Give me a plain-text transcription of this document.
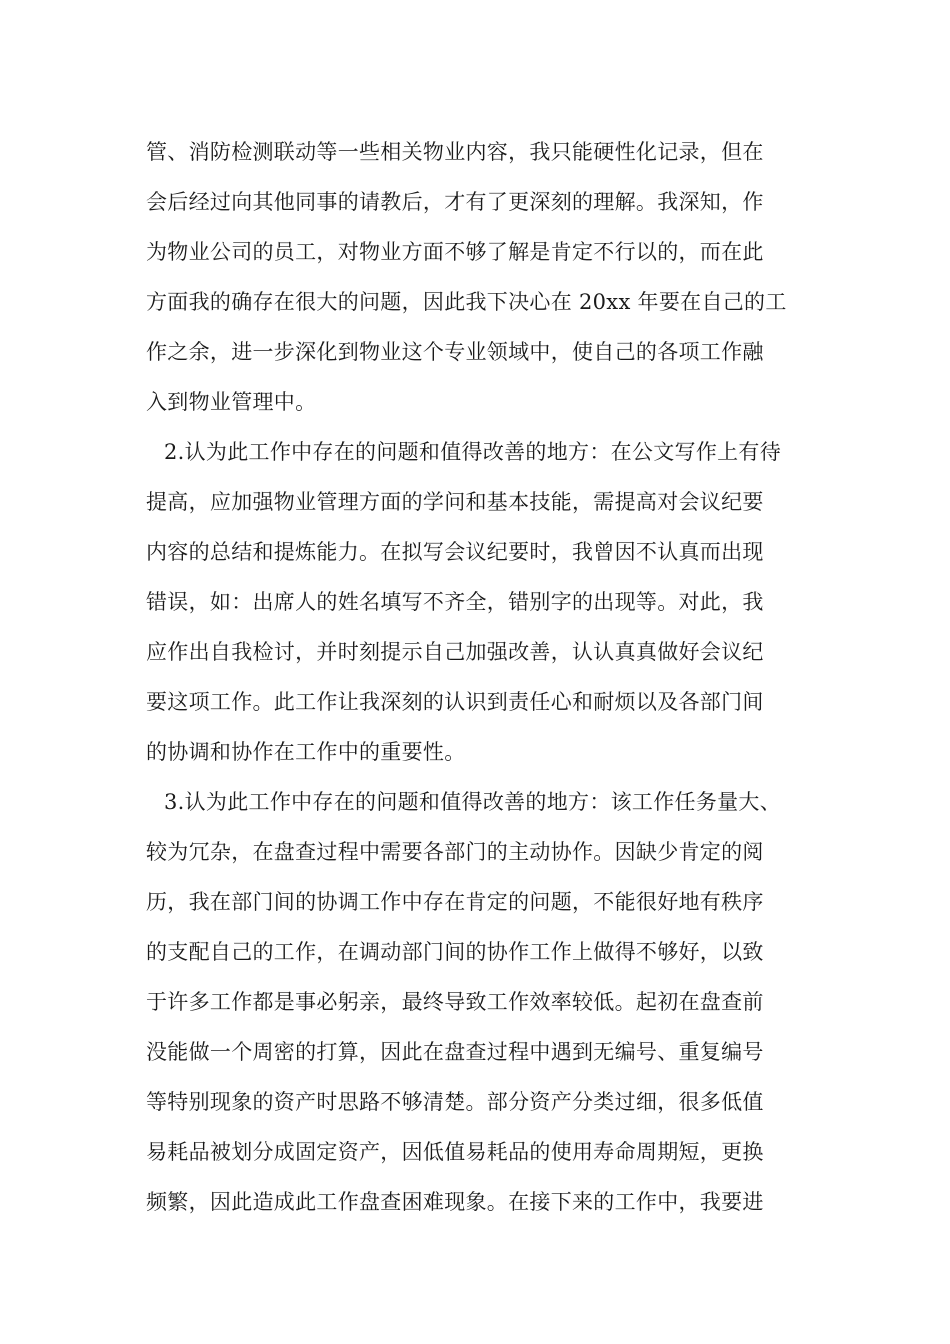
管、消防检测联动等一些相关物业内容，我只能硬性化记录，但在
会后经过向其他同事的请教后，才有了更深刻的理解。我深知，作
为物业公司的员工，对物业方面不够了解是肯定不行以的，而在此
方面我的确存在很大的问题，因此我下决心在 20xx 年要在自己的工
作之余，进一步深化到物业这个专业领域中，使自己的各项工作融
入到物业管理中。
2.认为此工作中存在的问题和值得改善的地方：在公文写作上有待
提高，应加强物业管理方面的学问和基本技能，需提高对会议纪要
内容的总结和提炼能力。在拟写会议纪要时，我曾因不认真而出现
错误，如：出席人的姓名填写不齐全，错别字的出现等。对此，我
应作出自我检讨，并时刻提示自己加强改善，认认真真做好会议纪
要这项工作。此工作让我深刻的认识到责任心和耐烦以及各部门间
的协调和协作在工作中的重要性。
3.认为此工作中存在的问题和值得改善的地方：该工作任务量大、
较为冗杂，在盘查过程中需要各部门的主动协作。因缺少肯定的阅
历，我在部门间的协调工作中存在肯定的问题，不能很好地有秩序
的支配自己的工作，在调动部门间的协作工作上做得不够好，以致
于许多工作都是事必躬亲，最终导致工作效率较低。起初在盘查前
没能做一个周密的打算，因此在盘查过程中遇到无编号、重复编号
等特别现象的资产时思路不够清楚。部分资产分类过细，很多低值
易耗品被划分成固定资产，因低值易耗品的使用寿命周期短，更换
频繁，因此造成此工作盘查困难现象。在接下来的工作中，我要进
